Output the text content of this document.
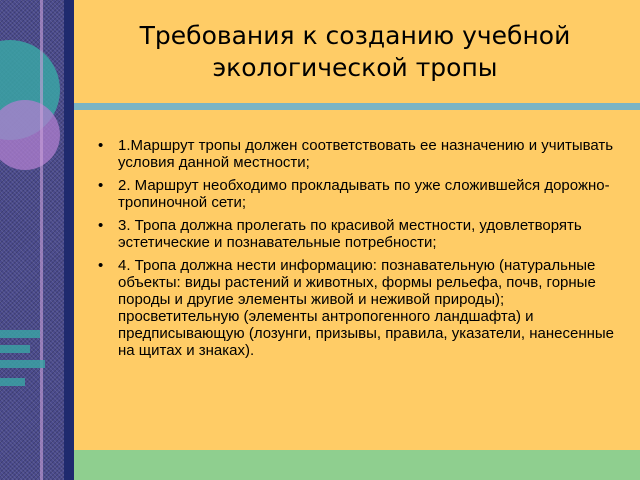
Требования к созданию учебной
экологической тропы
• 1.Маршрут тропы должен соответствовать ее назначению и учитывать условия данной местности;
• 2. Маршрут необходимо прокладывать по уже сложившейся дорожно-тропиночной сети;
• 3. Тропа должна пролегать по красивой местности, удовлетворять эстетические и познавательные потребности;
• 4. Тропа должна нести информацию: познавательную (натуральные объекты: виды растений и животных, формы рельефа, почв, горные породы и другие элементы живой и неживой природы); просветительную (элементы антропогенного ландшафта) и предписывающую (лозунги, призывы, правила, указатели, нанесенные на щитах и знаках).
